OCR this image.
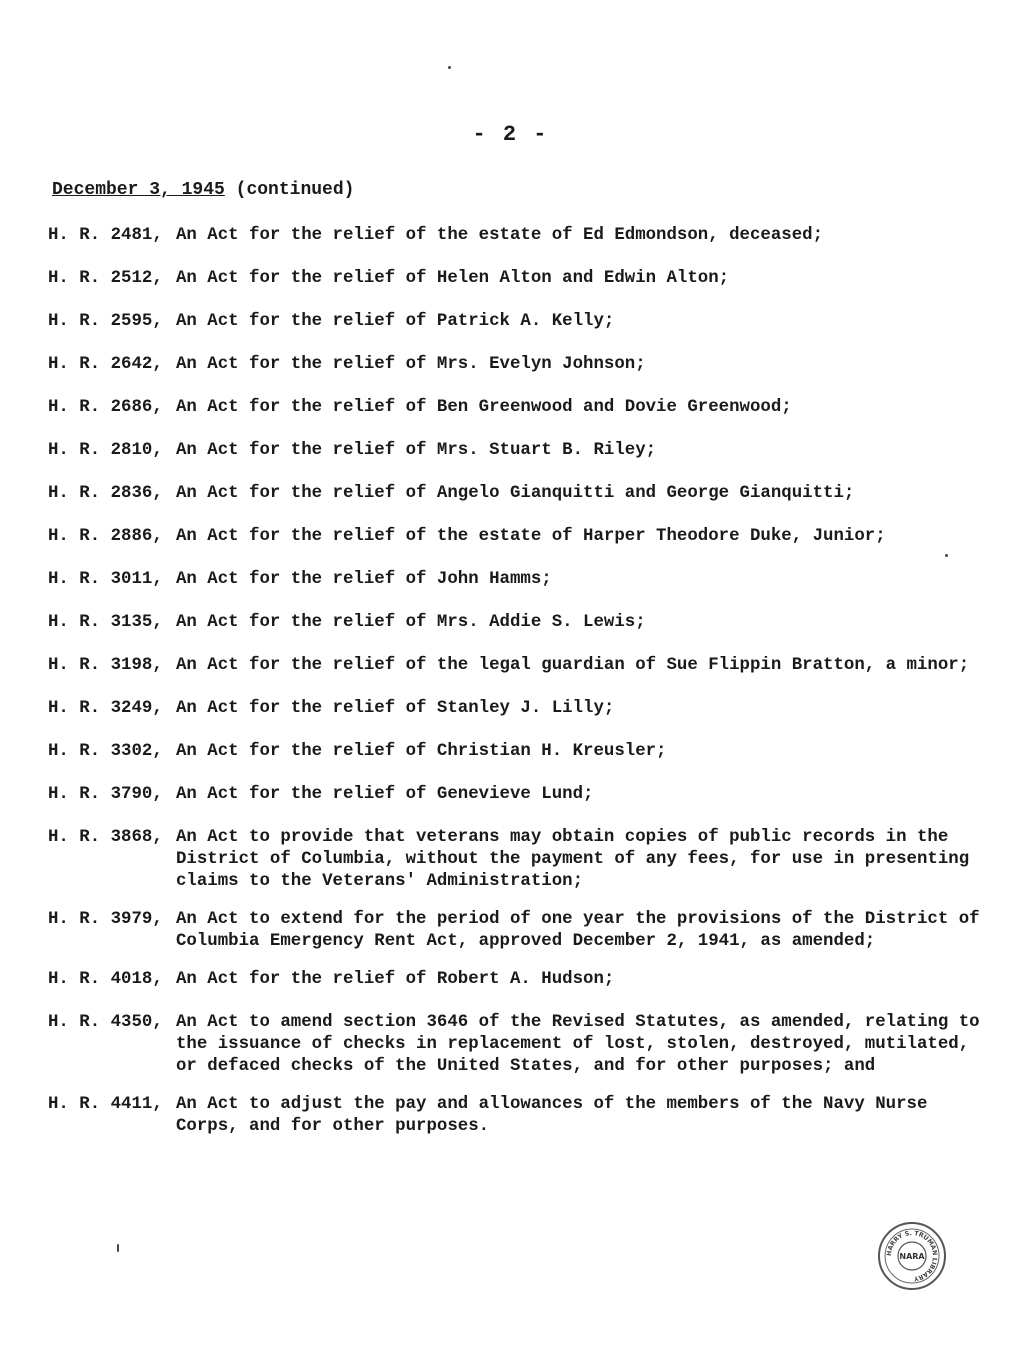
- 2 -
December 3, 1945 (continued)
H. R. 2481, An Act for the relief of the estate of Ed Edmondson, deceased;
H. R. 2512, An Act for the relief of Helen Alton and Edwin Alton;
H. R. 2595, An Act for the relief of Patrick A. Kelly;
H. R. 2642, An Act for the relief of Mrs. Evelyn Johnson;
H. R. 2686, An Act for the relief of Ben Greenwood and Dovie Greenwood;
H. R. 2810, An Act for the relief of Mrs. Stuart B. Riley;
H. R. 2836, An Act for the relief of Angelo Gianquitti and George Gianquitti;
H. R. 2886, An Act for the relief of the estate of Harper Theodore Duke, Junior;
H. R. 3011, An Act for the relief of John Hamms;
H. R. 3135, An Act for the relief of Mrs. Addie S. Lewis;
H. R. 3198, An Act for the relief of the legal guardian of Sue Flippin Bratton, a minor;
H. R. 3249, An Act for the relief of Stanley J. Lilly;
H. R. 3302, An Act for the relief of Christian H. Kreusler;
H. R. 3790, An Act for the relief of Genevieve Lund;
H. R. 3868, An Act to provide that veterans may obtain copies of public records in the District of Columbia, without the payment of any fees, for use in presenting claims to the Veterans' Administration;
H. R. 3979, An Act to extend for the period of one year the provisions of the District of Columbia Emergency Rent Act, approved December 2, 1941, as amended;
H. R. 4018, An Act for the relief of Robert A. Hudson;
H. R. 4350, An Act to amend section 3646 of the Revised Statutes, as amended, relating to the issuance of checks in replacement of lost, stolen, destroyed, mutilated, or defaced checks of the United States, and for other purposes; and
H. R. 4411, An Act to adjust the pay and allowances of the members of the Navy Nurse Corps, and for other purposes.
HARRY S. TRUMAN LIBRARY
NARA
